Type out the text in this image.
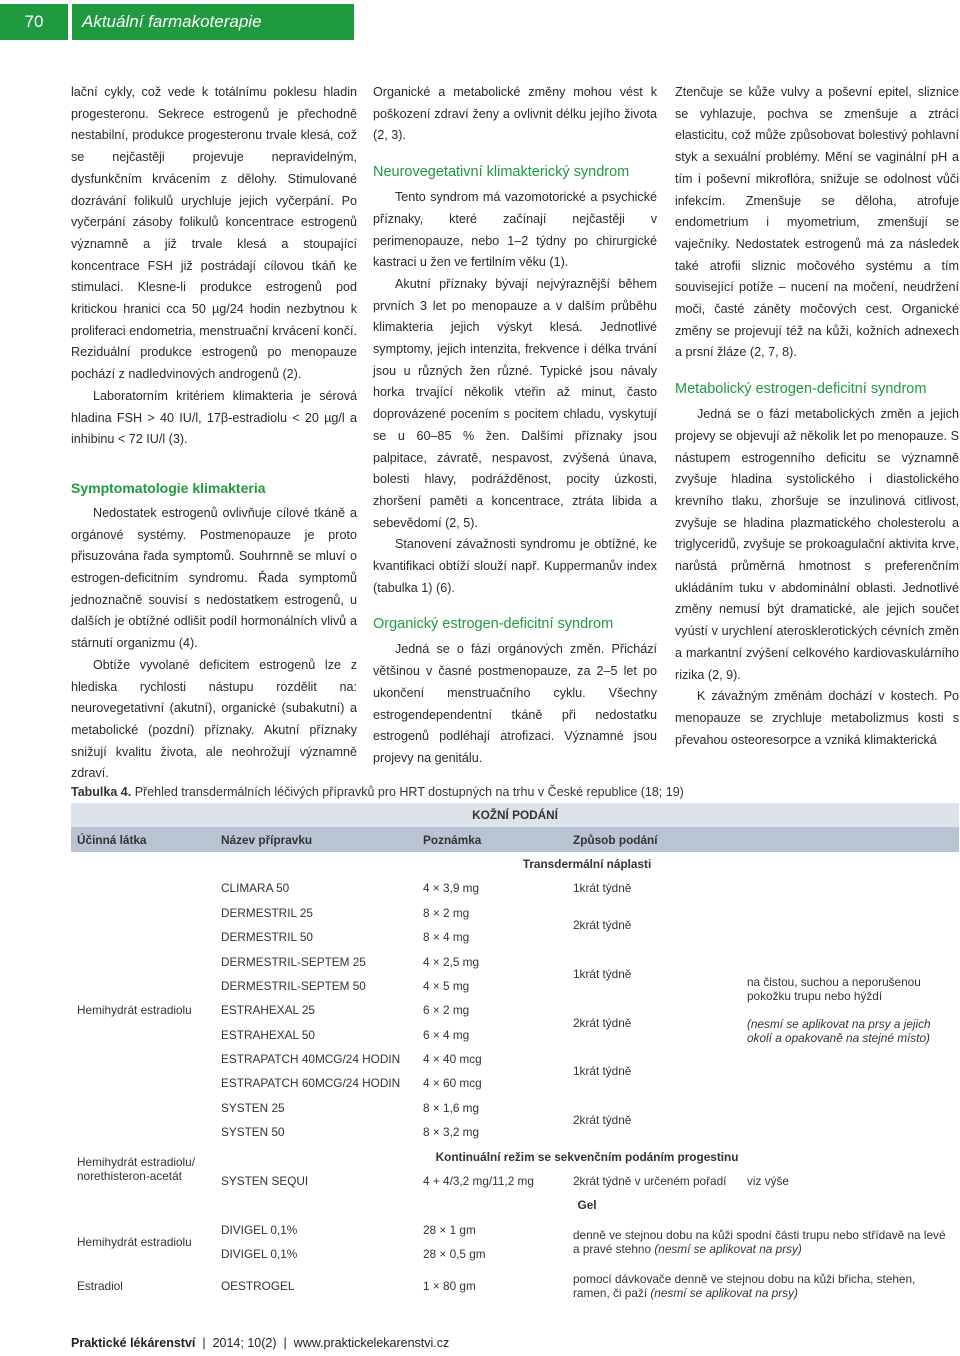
70	Aktuální farmakoterapie

lační cykly, což vede k totálnímu poklesu hladin progesteronu. Sekrece estrogenů je přechodně nestabilní, produkce progesteronu trvale klesá, což se nejčastěji projevuje nepravidelným, dysfunkčním krvácením z dělohy. Stimulované dozrávání folikulů urychluje jejich vyčerpání. Po vyčerpání zásoby folikulů koncentrace estrogenů významně a již trvale klesá a stoupající koncentrace FSH již postrádají cílovou tkáň ke stimulaci. Klesne-li produkce estrogenů pod kritickou hranici cca 50 µg/24 hodin nezbytnou k proliferaci endometria, menstruační krvácení končí. Reziduální produkce estrogenů po menopauze pochází z nadledvinových androgenů (2).

Laboratorním kritériem klimakteria je sérová hladina FSH > 40 IU/l, 17β-estradiolu < 20 µg/l a inhibinu < 72 IU/l (3).

Symptomatologie klimakteria

Nedostatek estrogenů ovlivňuje cílové tkáně a orgánové systémy. Postmenopauze je proto přisuzována řada symptomů. Souhrnně se mluví o estrogen-deficitním syndromu. Řada symptomů jednoznačně souvisí s nedostatkem estrogenů, u dalších je obtížné odlišit podíl hormonálních vlivů a stárnutí organizmu (4).

Obtíže vyvolané deficitem estrogenů lze z hlediska rychlosti nástupu rozdělit na: neurovegetativní (akutní), organické (subakutní) a metabolické (pozdní) příznaky. Akutní příznaky snižují kvalitu života, ale neohrožují významně zdraví.

Organické a metabolické změny mohou vést k poškození zdraví ženy a ovlivnit délku jejího života (2, 3).

Neurovegetativní klimakterický syndrom

Tento syndrom má vazomotorické a psychické příznaky, které začínají nejčastěji v perimenopauze, nebo 1–2 týdny po chirurgické kastraci u žen ve fertilním věku (1).

Akutní příznaky bývají nejvýraznější během prvních 3 let po menopauze a v dalším průběhu klimakteria jejich výskyt klesá. Jednotlivé symptomy, jejich intenzita, frekvence i délka trvání jsou u různých žen různé. Typické jsou návaly horka trvající několik vteřin až minut, často doprovázené pocením s pocitem chladu, vyskytují se u 60–85 % žen. Dalšími příznaky jsou palpitace, závratě, nespavost, zvýšená únava, bolesti hlavy, podrážděnost, pocity úzkosti, zhoršení paměti a koncentrace, ztráta libida a sebevědomí (2, 5).

Stanovení závažnosti syndromu je obtížné, ke kvantifikaci obtíží slouží např. Kuppermanův index (tabulka 1) (6).

Organický estrogen-deficitní syndrom

Jedná se o fázi orgánových změn. Přichází většinou v časné postmenopauze, za 2–5 let po ukončení menstruačního cyklu. Všechny estrogendependentní tkáně při nedostatku estrogenů podléhají atrofizaci. Významné jsou projevy na genitálu.

Ztenčuje se kůže vulvy a poševní epitel, sliznice se vyhlazuje, pochva se zmenšuje a ztrácí elasticitu, což může způsobovat bolestivý pohlavní styk a sexuální problémy. Mění se vaginální pH a tím i poševní mikroflóra, snižuje se odolnost vůči infekcím. Zmenšuje se děloha, atrofuje endometrium i myometrium, zmenšují se vaječníky. Nedostatek estrogenů má za následek také atrofii sliznic močového systému a tím související potíže – nucení na močení, neudržení moči, časté záněty močových cest. Organické změny se projevují též na kůži, kožních adnexech a prsní žláze (2, 7, 8).

Metabolický estrogen-deficitní syndrom

Jedná se o fázi metabolických změn a jejich projevy se objevují až několik let po menopauze. S nástupem estrogenního deficitu se významně zvyšuje hladina systolického i diastolického krevního tlaku, zhoršuje se inzulinová citlivost, zvyšuje se hladina plazmatického cholesterolu a triglyceridů, zvyšuje se prokoagulační aktivita krve, narůstá průměrná hmotnost s preferenčním ukládáním tuku v abdominální oblasti. Jednotlivé změny nemusí být dramatické, ale jejich součet vyústí v urychlení aterosklerotických cévních změn a markantní zvýšení celkového kardiovaskulárního rizika (2, 9).

K závažným změnám dochází v kostech. Po menopauze se zrychluje metabolizmus kosti s převahou osteoresorpce a vzniká klimakterická

Tabulka 4. Přehled transdermálních léčivých přípravků pro HRT dostupných na trhu v České republice (18; 19)
KOŽNÍ PODÁNÍ				
Účinná látka	Název přípravku	Poznámka	Způsob podání	
	Transdermální náplasti			
Hemihydrát estradiolu	CLIMARA 50	4 × 3,9 mg	1krát týdně	na čistou, suchou a neporušenou pokožku trupu nebo hýždí
(nesmí se aplikovat na prsy a jejich okolí a opakovaně na stejné místo)

	DERMESTRIL 25	8 × 2 mg	2krát týdně	
	DERMESTRIL 50	8 × 4 mg		
	DERMESTRIL-SEPTEM 25	4 × 2,5 mg	1krát týdně	
	DERMESTRIL-SEPTEM 50	4 × 5 mg		
	ESTRAHEXAL 25	6 × 2 mg	2krát týdně	
	ESTRAHEXAL 50	6 × 4 mg		
	ESTRAPATCH 40MCG/24 HODIN	4 × 40 mcg	1krát týdně	
	ESTRAPATCH 60MCG/24 HODIN	4 × 60 mcg		
	SYSTEN 25	8 × 1,6 mg	2krát týdně	
	SYSTEN 50	8 × 3,2 mg		
Hemihydrát estradiolu/ norethisteron-acetát	Kontinuální režim se sekvenčním podáním progestinu			
	SYSTEN SEQUI	4 + 4/3,2 mg/11,2 mg	2krát týdně v určeném pořadí	viz výše
	Gel			
Hemihydrát estradiolu	DIVIGEL 0,1%	28 × 1 gm	denně ve stejnou dobu na kůži spodní části trupu nebo střídavě na levé a pravé stehno (nesmí se aplikovat na prsy)	
	DIVIGEL 0,1%	28 × 0,5 gm		
Estradiol	OESTROGEL	1 × 80 gm	pomocí dávkovače denně ve stejnou dobu na kůži břicha, stehen, ramen, či paží (nesmí se aplikovat na prsy)	
Praktické lékárenství  |  2014; 10(2)  |  www.praktickelekarenstvi.cz
